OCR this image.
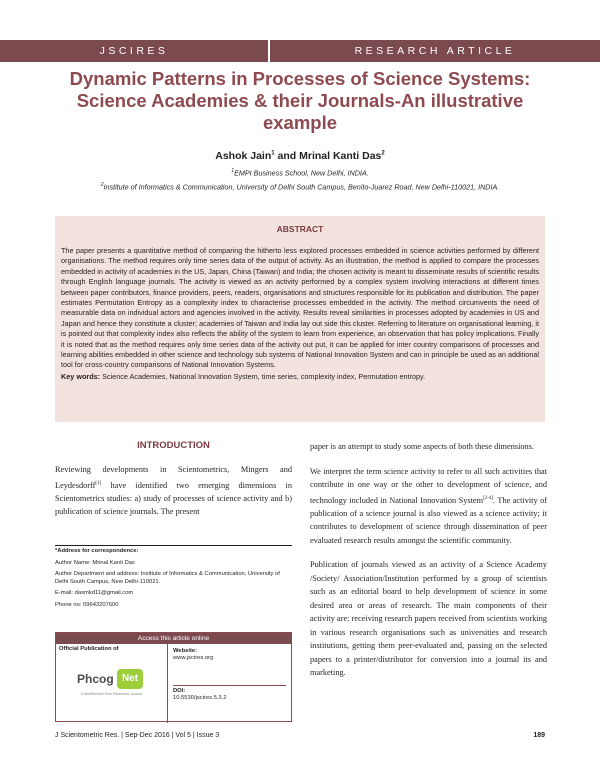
JSCIRES	RESEARCH ARTICLE
Dynamic Patterns in Processes of Science Systems:
Science Academies & their Journals-An illustrative
example
Ashok Jain$^1$ and Mrinal Kanti Das$^2$
$^1$EMPI Business School, New Delhi, INDIA.
$^2$Institute of Informatics & Communication, University of Delhi South Campus, Benito-Juarez Road, New Delhi-110021, INDIA.
ABSTRACT
The paper presents a quantitative method of comparing the hitherto less explored processes embedded in science activities performed by different organisations. The method requires only time series data of the output of activity. As an illustration, the method is applied to compare the processes embedded in activity of academies in the US, Japan, China (Taiwan) and India; the chosen activity is meant to disseminate results of scientific results through English language journals. The activity is viewed as an activity performed by a complex system involving interactions at different times between paper contributors, finance providers, peers, readers, organisations and structures responsible for its publication and distribution. The paper estimates Permutation Entropy as a complexity index to characterise processes embedded in the activity. The method circumvents the need of measurable data on individual actors and agencies involved in the activity. Results reveal similarities in processes adopted by academies in US and Japan and hence they constitute a cluster; academies of Taiwan and India lay out side this cluster. Referring to literature on organisational learning, it is pointed out that complexity index also reflects the ability of the system to learn from experience, an observation that has policy implications. Finally it is noted that as the method requires only time series data of the activity out put, it can be applied for inter country comparisons of processes and learning abilities embedded in other science and technology sub systems of National Innovation System and can in principle be used as an additional tool for cross-country comparisons of National Innovation Systems.
Key words: Science Academies, National Innovation System, time series, complexity index, Permutation entropy.
INTRODUCTION
Reviewing developments in Scientometrics, Mingers and Leydesdorff[1] have identified two emerging dimensions in Scientometrics studies: a) study of processes of science activity and b) publication of science journals. The present

*Address for correspondence:

Author Name: Mrinal Kanti Das

Author Department and address: Institute of Informatics & Communication, University of Delhi South Campus, New Delhi-110021.

E-mail: dasmkd11@gmail.com

Phone no: 09643207600

Access this article online
Official Publication of
Phcog Net
A Multifaceted Peer Reviewed Journal
Website:
www.jscires.org
DOI:
10.5530/jscires.5.3.2

paper is an attempt to study some aspects of both these dimensions.

We interpret the term science activity to refer to all such activities that contribute in one way or the other to development of science, and technology included in National Innovation System[2-4]. The activity of publication of a science journal is also viewed as a science activity; it contributes to development of science through dissemination of peer evaluated research results amongst the scientific community.

Publication of journals viewed as an activity of a Science Academy /Society/ Association/Institution performed by a group of scientists such as an editorial board to help development of science in some desired area or areas of research. The main components of their activity are: receiving research papers received from scientists working in various research organisations such as universities and research institutions, getting them peer-evaluated and, passing on the selected papers to a printer/distributor for conversion into a journal its and marketing.

J Scientometric Res. | Sep-Dec 2016 | Vol 5 | Issue 3	189
